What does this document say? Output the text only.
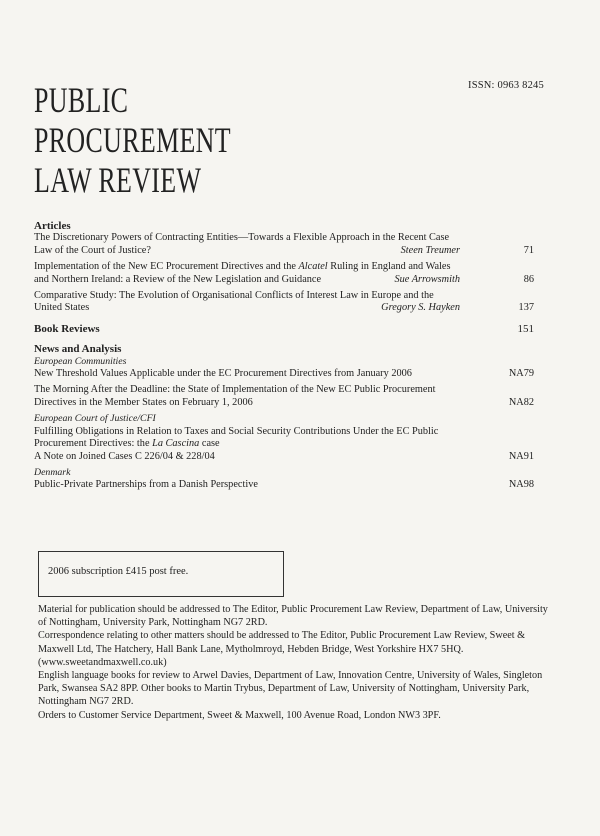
ISSN: 0963 8245
PUBLIC
PROCUREMENT
LAW REVIEW
Articles
The Discretionary Powers of Contracting Entities—Towards a Flexible Approach in the Recent Case Law of the Court of Justice?	Steen Treumer	71
Implementation of the New EC Procurement Directives and the Alcatel Ruling in England and Wales and Northern Ireland: a Review of the New Legislation and Guidance	Sue Arrowsmith	86
Comparative Study: The Evolution of Organisational Conflicts of Interest Law in Europe and the United States	Gregory S. Hayken	137
Book Reviews	151
News and Analysis
European Communities
New Threshold Values Applicable under the EC Procurement Directives from January 2006	NA79
The Morning After the Deadline: the State of Implementation of the New EC Public Procurement Directives in the Member States on February 1, 2006	NA82
European Court of Justice/CFI
Fulfilling Obligations in Relation to Taxes and Social Security Contributions Under the EC Public Procurement Directives: the La Cascina case
A Note on Joined Cases C 226/04 & 228/04	NA91
Denmark
Public-Private Partnerships from a Danish Perspective	NA98
2006 subscription £415 post free.

Material for publication should be addressed to The Editor, Public Procurement Law Review, Department of Law, University of Nottingham, University Park, Nottingham NG7 2RD.

Correspondence relating to other matters should be addressed to The Editor, Public Procurement Law Review, Sweet & Maxwell Ltd, The Hatchery, Hall Bank Lane, Mytholmroyd, Hebden Bridge, West Yorkshire HX7 5HQ.

(www.sweetandmaxwell.co.uk)

English language books for review to Arwel Davies, Department of Law, Innovation Centre, University of Wales, Singleton Park, Swansea SA2 8PP. Other books to Martin Trybus, Department of Law, University of Nottingham, University Park, Nottingham NG7 2RD.

Orders to Customer Service Department, Sweet & Maxwell, 100 Avenue Road, London NW3 3PF.
